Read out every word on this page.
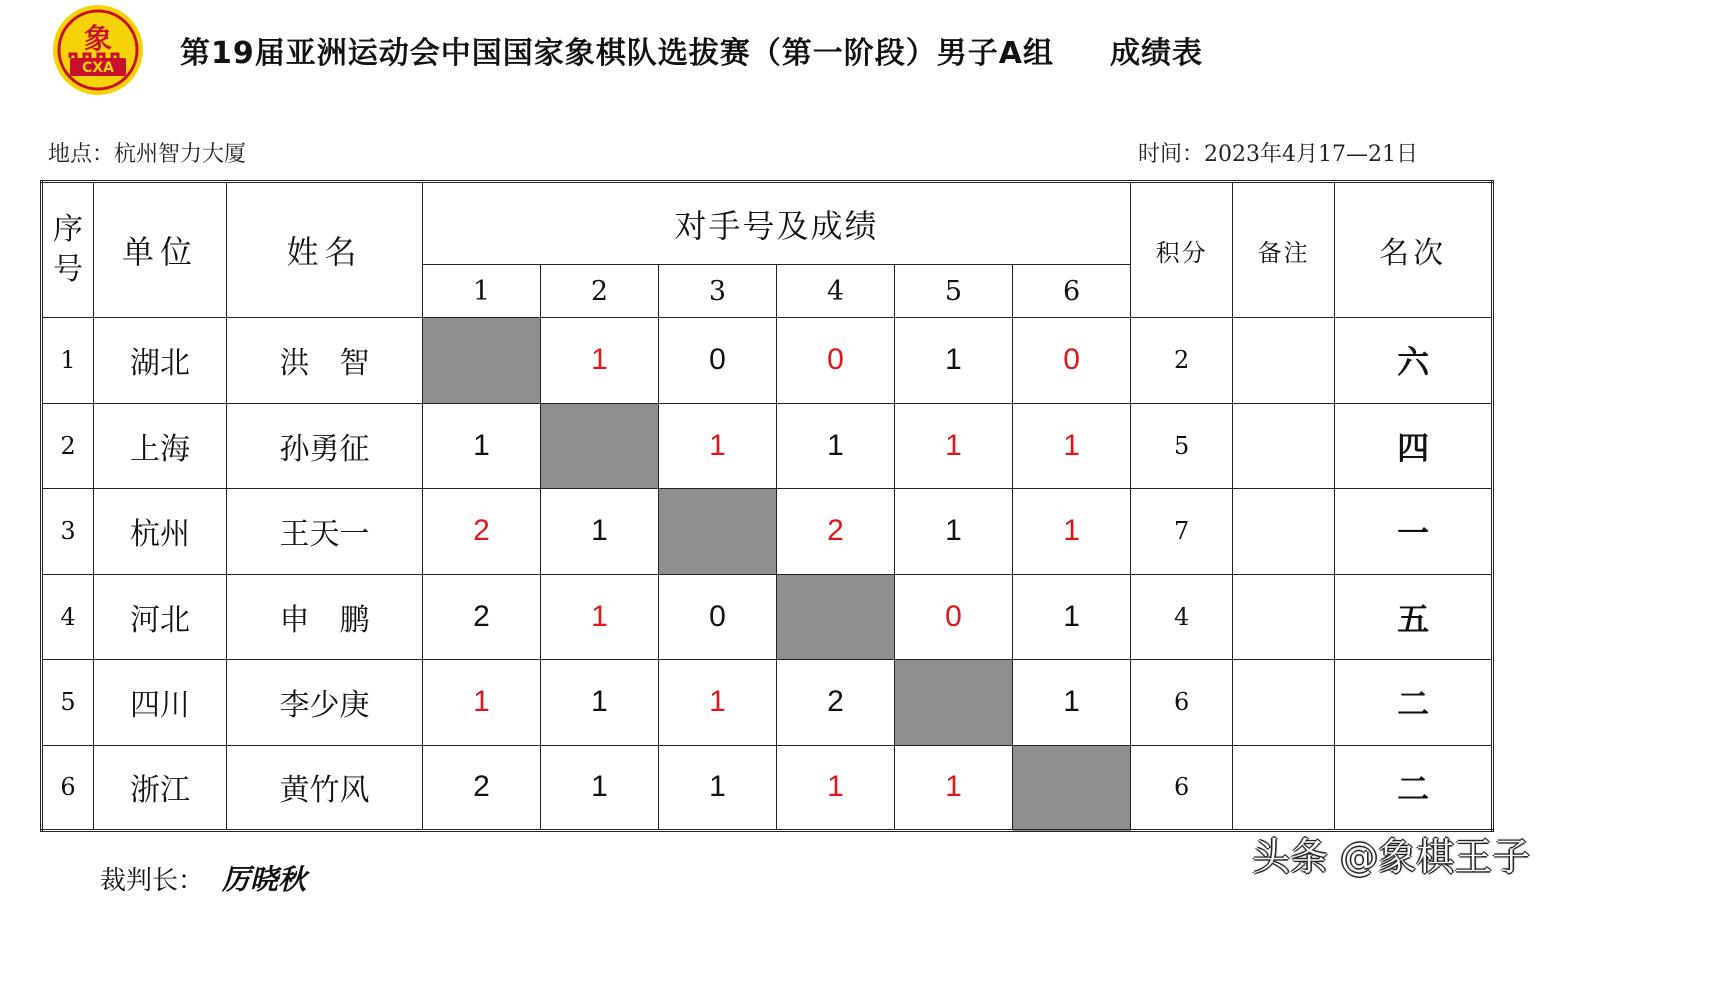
象
CXA 第19届亚洲运动会中国国家象棋队选拔赛（第一阶段）男子A组 成绩表
地点：杭州智力大厦	时间：2023年4月17—21日
序号	单位	姓名	对手号及成绩						积分	备注	名次
			1	2	3	4	5	6			
1	湖北	洪　智		1	0	0	1	0	2		六
2	上海	孙勇征	1		1	1	1	1	5		四
3	杭州	王天一	2	1		2	1	1	7		一
4	河北	申　鹏	2	1	0		0	1	4		五
5	四川	李少庚	1	1	1	2		1	6		二
6	浙江	黄竹风	2	1	1	1	1		6		二
裁判长： 厉晓秋
头条 @象棋王子
